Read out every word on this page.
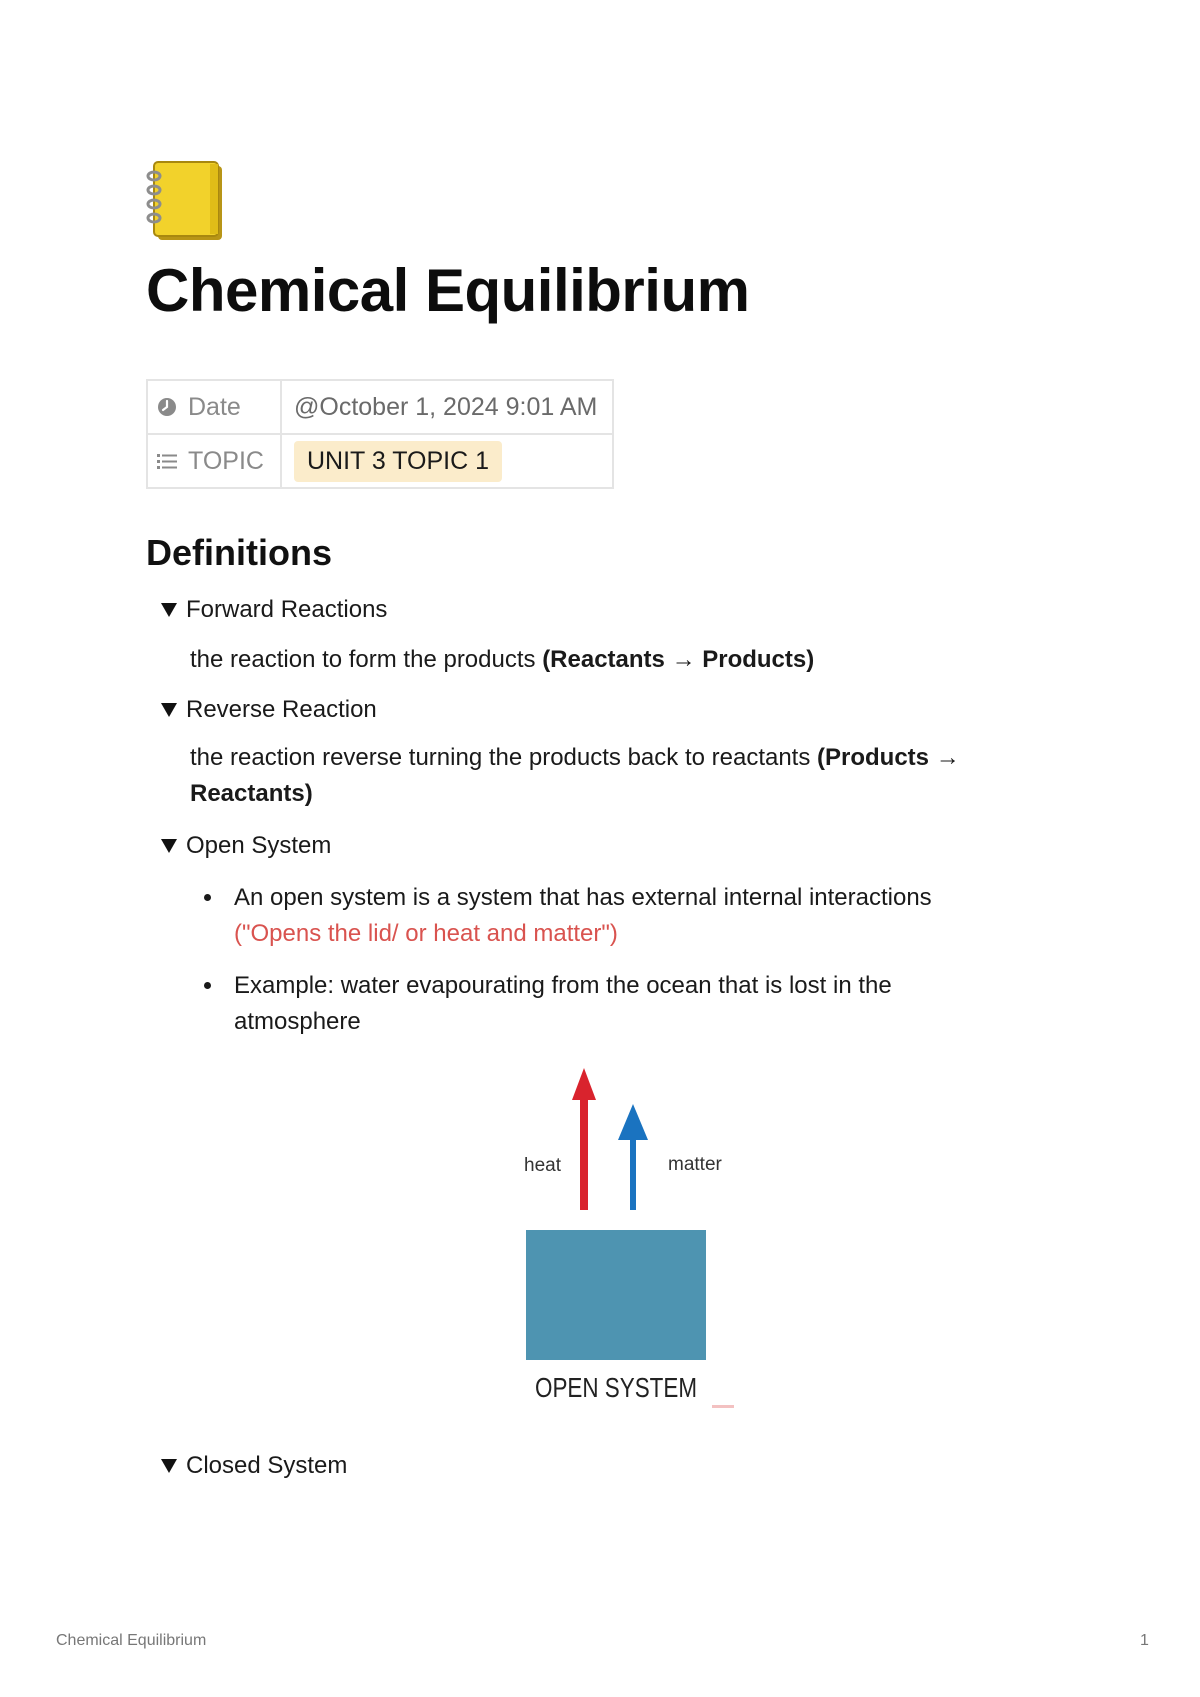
Chemical Equilibrium
Date	@October 1, 2024 9:01 AM

TOPIC	UNIT 3 TOPIC 1
Definitions
Forward Reactions
the reaction to form the products (Reactants → Products)
Reverse Reaction
the reaction reverse turning the products back to reactants (Products → Reactants)
Open System
An open system is a system that has external internal interactions ("Opens the lid/ or heat and matter")
Example: water evapourating from the ocean that is lost in the atmosphere
heat	matter
OPEN SYSTEM
Closed System
Chemical Equilibrium	1
